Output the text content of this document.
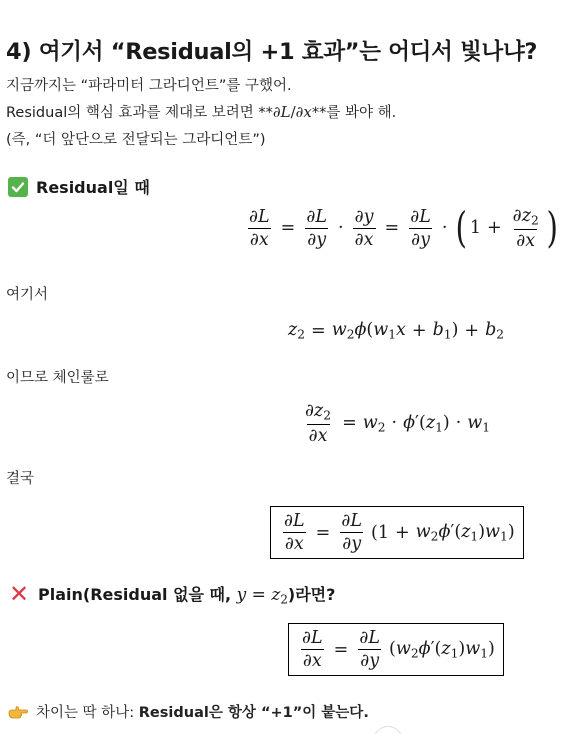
4) 여기서 “Residual의 +1 효과”는 어디서 빛나냐?
지금까지는 “파라미터 그라디언트”를 구했어.
Residual의 핵심 효과를 제대로 보려면 **∂L/∂x**를 봐야 해.
(즉, “더 앞단으로 전달되는 그라디언트”)
Residual일 때
$\frac{\partial L}{\partial x} = \frac{\partial L}{\partial y} \cdot \frac{\partial y}{\partial x} = \frac{\partial L}{\partial y}$ · ( $1 + \frac{\partial z_2}{\partial x}$ )
여기서
$z_2 = w_2\phi(w_1x + b_1) + b_2$
이므로 체인룰로
$\frac{\partial z_2}{\partial x} = w_2 \cdot \phi'(z_1) \cdot w_1$
결국
$\frac{\partial L}{\partial x} = \frac{\partial L}{\partial y} (1 + w_2\phi'(z_1)w_1)$
✕ Plain(Residual 없을 때, $y = z_2$)라면?
$\frac{\partial L}{\partial x} = \frac{\partial L}{\partial y} (w_2\phi'(z_1)w_1)$
차이는 딱 하나: Residual은 항상 “+1”이 붙는다.
